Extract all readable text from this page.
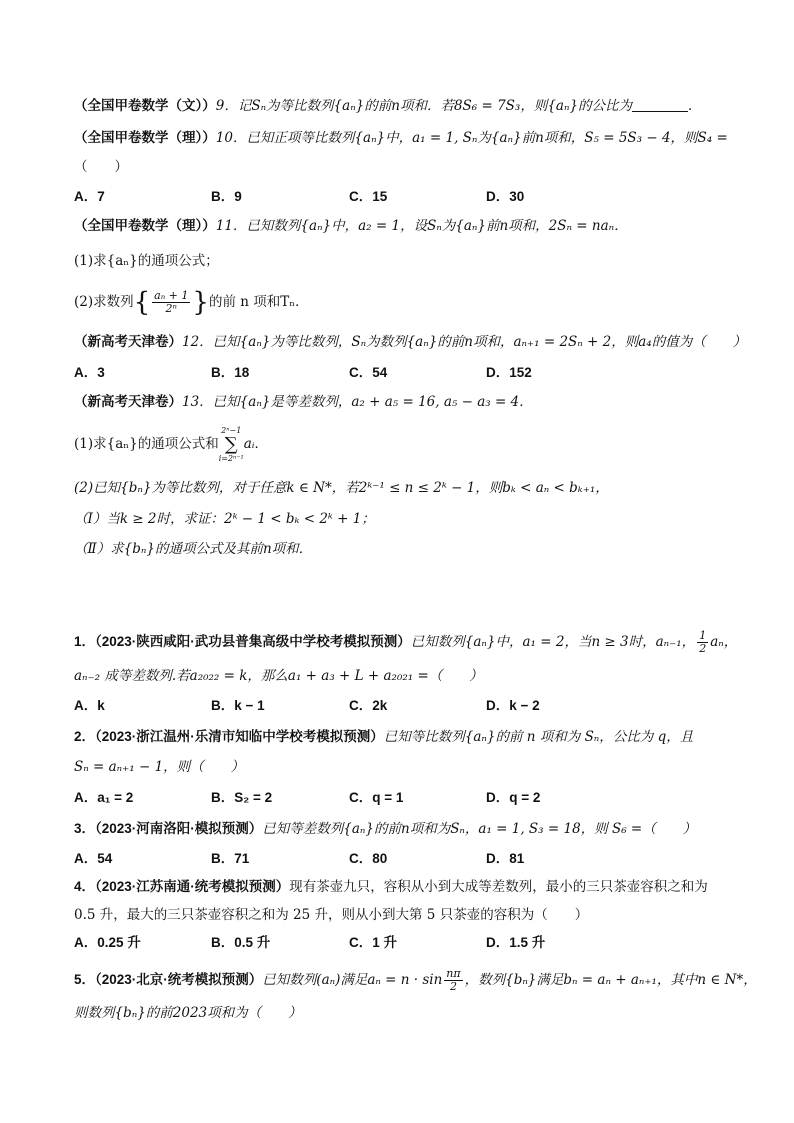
（全国甲卷数学（文））9．记Sₙ为等比数列{aₙ}的前n项和．若8S₆ = 7S₃，则{aₙ}的公比为	．
（全国甲卷数学（理））10．已知正项等比数列{aₙ}中，a₁ = 1, Sₙ为{aₙ}前n项和，S₅ = 5S₃ − 4，则S₄ =
（　　）
A．7	B．9	C．15	D．30
（全国甲卷数学（理））11．已知数列{aₙ}中，a₂ = 1，设Sₙ为{aₙ}前n项和，2Sₙ = naₙ．
(1)求{aₙ}的通项公式；
(2)求数列{ $\frac{\text{aₙ + 1}}{\text{2ⁿ}}$ }的前 n 项和Tₙ．
（新高考天津卷）12．已知{aₙ}为等比数列，Sₙ为数列{aₙ}的前n项和，aₙ₊₁ = 2Sₙ + 2，则a₄的值为（　　）
A．3	B．18	C．54	D．152
（新高考天津卷）13．已知{aₙ}是等差数列，a₂ + a₅ = 16, a₅ − a₃ = 4．
(1)求{aₙ}的通项公式和
2ⁿ−1
∑
i=2ⁿ⁻¹
aᵢ．
(2)已知{bₙ}为等比数列，对于任意k ∈ N*，若2ᵏ⁻¹ ≤ n ≤ 2ᵏ − 1，则bₖ < aₙ < bₖ₊₁，
（Ⅰ）当k ≥ 2时，求证：2ᵏ − 1 < bₖ < 2ᵏ + 1；
（Ⅱ）求{bₙ}的通项公式及其前n项和．
1．（2023·陕西咸阳·武功县普集高级中学校考模拟预测）已知数列{aₙ}中，a₁ = 2，当n ≥ 3时，aₙ₋₁， $\frac{1}{2}$ aₙ，
aₙ₋₂ 成等差数列.若a₂₀₂₂ = k，那么a₁ + a₃ + L + a₂₀₂₁ =（　　）
A．k	B．k − 1	C．2k	D．k − 2
2．（2023·浙江温州·乐清市知临中学校考模拟预测）已知等比数列{aₙ}的前 n 项和为 Sₙ，公比为 q，且
Sₙ = aₙ₊₁ − 1，则（　　）
A．a₁ = 2	B．S₂ = 2	C．q = 1	D．q = 2
3．（2023·河南洛阳·模拟预测）已知等差数列{aₙ}的前n项和为Sₙ，a₁ = 1, S₃ = 18，则 S₆ =（　　）
A．54	B．71	C．80	D．81
4．（2023·江苏南通·统考模拟预测）现有茶壶九只，容积从小到大成等差数列，最小的三只茶壶容积之和为
0.5 升，最大的三只茶壶容积之和为 25 升，则从小到大第 5 只茶壶的容积为（　　）
A．0.25 升	B．0.5 升	C．1 升	D．1.5 升
5．（2023·北京·统考模拟预测）已知数列(aₙ)满足$a_n = n \cdot \sin \frac{n\pi}{2}$ ，数列{bₙ}满足bₙ = aₙ + aₙ₊₁，其中n ∈ N*，
则数列{bₙ}的前2023项和为（　　）
